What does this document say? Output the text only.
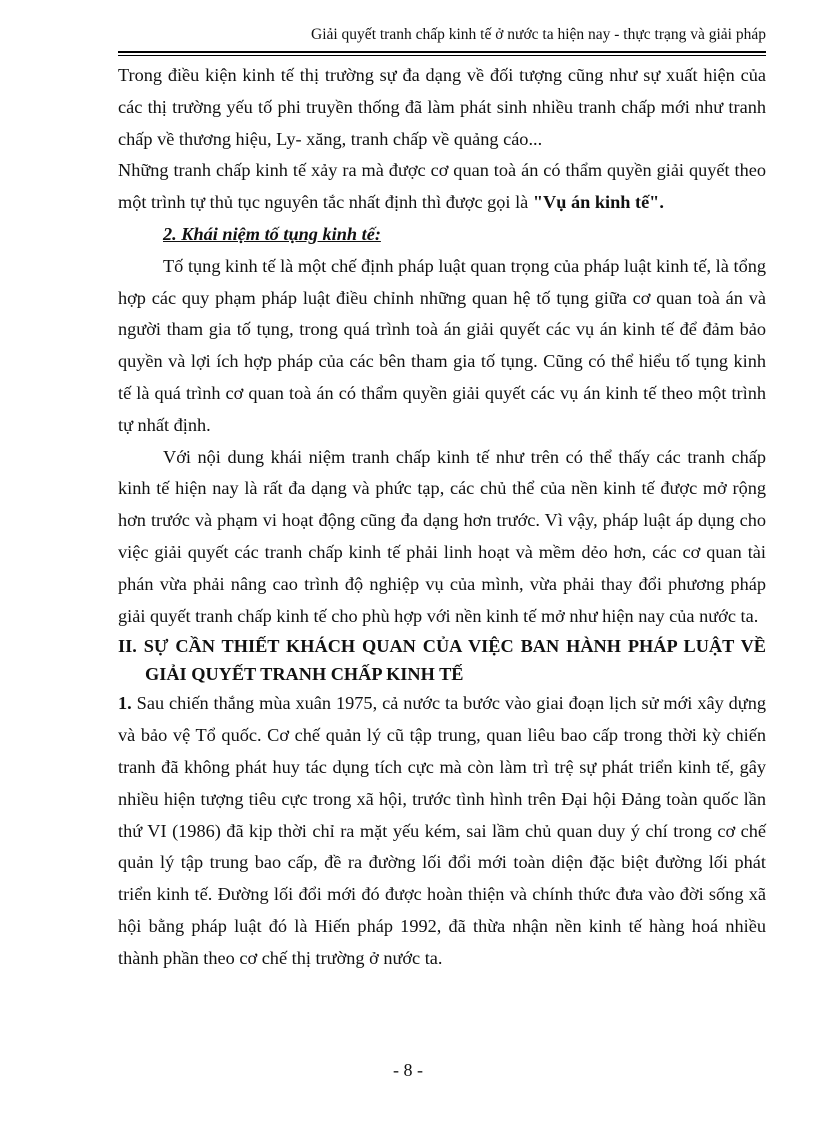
Giải quyết tranh chấp kinh tế ở nước ta hiện nay - thực trạng và giải pháp

Trong điều kiện kinh tế thị trường sự đa dạng về đối tượng cũng như sự xuất hiện của các thị trường yếu tố phi truyền thống đã làm phát sinh nhiều tranh chấp mới như tranh chấp về thương hiệu, Ly- xăng, tranh chấp về quảng cáo...

Những tranh chấp kinh tế xảy ra mà được cơ quan toà án có thẩm quyền giải quyết theo một trình tự thủ tục nguyên tắc nhất định thì được gọi là "Vụ án kinh tế".

2. Khái niệm tố tụng kinh tế:

Tố tụng kinh tế là một chế định pháp luật quan trọng của pháp luật kinh tế, là tổng hợp các quy phạm pháp luật điều chỉnh những quan hệ tố tụng giữa cơ quan toà án và người tham gia tố tụng, trong quá trình toà án giải quyết các vụ án kinh tế để đảm bảo quyền và lợi ích hợp pháp của các bên tham gia tố tụng. Cũng có thể hiểu tố tụng kinh tế là quá trình cơ quan toà án có thẩm quyền giải quyết các vụ án kinh tế theo một trình tự nhất định.

Với nội dung khái niệm tranh chấp kinh tế như trên có thể thấy các tranh chấp kinh tế hiện nay là rất đa dạng và phức tạp, các chủ thể của nền kinh tế được mở rộng hơn trước và phạm vi hoạt động cũng đa dạng hơn trước. Vì vậy, pháp luật áp dụng cho việc giải quyết các tranh chấp kinh tế phải linh hoạt và mềm dẻo hơn, các cơ quan tài phán vừa phải nâng cao trình độ nghiệp vụ của mình, vừa phải thay đổi phương pháp giải quyết tranh chấp kinh tế cho phù hợp với nền kinh tế mở như hiện nay của nước ta.

II. SỰ CẦN THIẾT KHÁCH QUAN CỦA VIỆC BAN HÀNH PHÁP LUẬT VỀ GIẢI QUYẾT TRANH CHẤP KINH TẾ

1. Sau chiến thắng mùa xuân 1975, cả nước ta bước vào giai đoạn lịch sử mới xây dựng và bảo vệ Tổ quốc. Cơ chế quản lý cũ tập trung, quan liêu bao cấp trong thời kỳ chiến tranh đã không phát huy tác dụng tích cực mà còn làm trì trệ sự phát triển kinh tế, gây nhiều hiện tượng tiêu cực trong xã hội, trước tình hình trên Đại hội Đảng toàn quốc lần thứ VI (1986) đã kịp thời chỉ ra mặt yếu kém, sai lầm chủ quan duy ý chí trong cơ chế quản lý tập trung bao cấp, đề ra đường lối đổi mới toàn diện đặc biệt đường lối phát triển kinh tế. Đường lối đổi mới đó được hoàn thiện và chính thức đưa vào đời sống xã hội bằng pháp luật đó là Hiến pháp 1992, đã thừa nhận nền kinh tế hàng hoá nhiều thành phần theo cơ chế thị trường ở nước ta.

- 8 -
